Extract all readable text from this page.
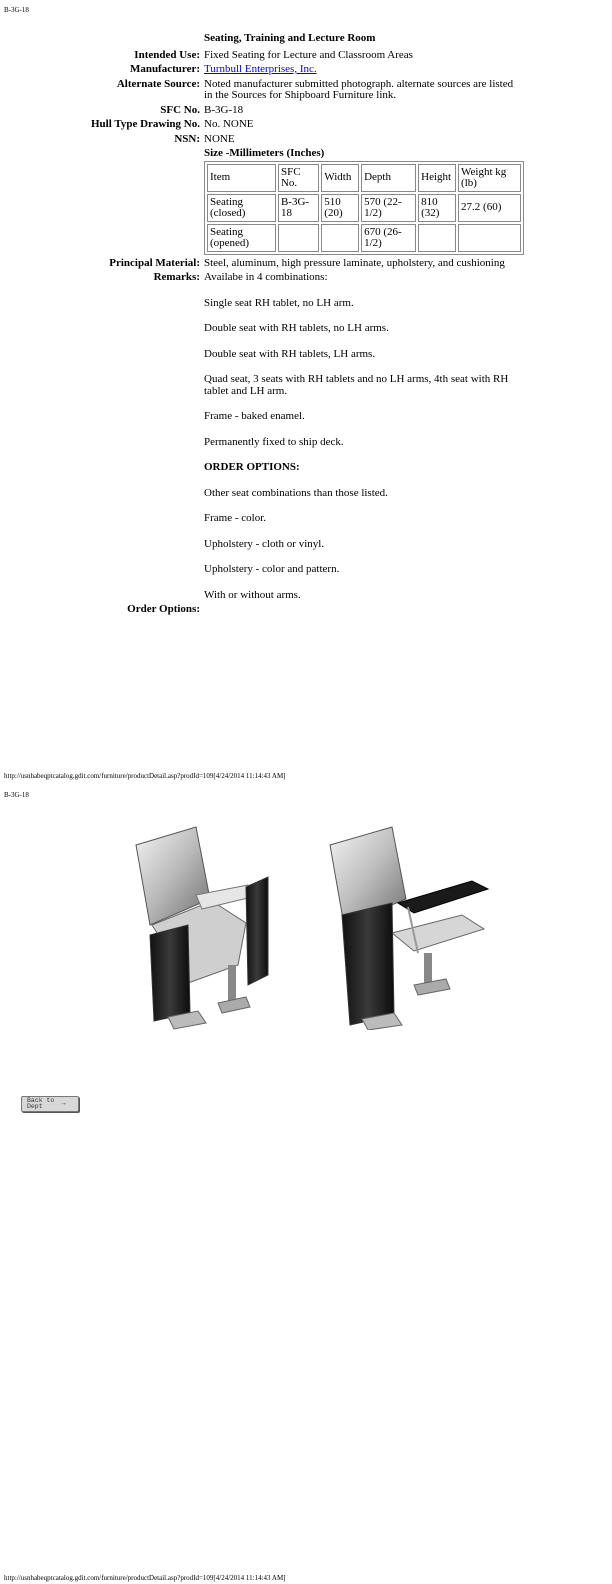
B-3G-18
Seating, Training and Lecture Room
Intended Use: Fixed Seating for Lecture and Classroom Areas
Manufacturer: Turnbull Enterprises, Inc.
Alternate Source: Noted manufacturer submitted photograph. alternate sources are listed in the Sources for Shipboard Furniture link.
SFC No. B-3G-18
Hull Type Drawing No. No. NONE
NSN: NONE
Size -Millimeters (Inches)
Item	SFC No.	Width	Depth	Height	Weight kg (lb)
Seating (closed)	B-3G-18	510 (20)	570 (22-1/2)	810 (32)	27.2 (60)
Seating (opened)			670 (26-1/2)		
Principal Material: Steel, aluminum, high pressure laminate, upholstery, and cushioning
Remarks: Availabe in 4 combinations:

Single seat RH tablet, no LH arm.

Double seat with RH tablets, no LH arms.

Double seat with RH tablets, LH arms.

Quad seat, 3 seats with RH tablets and no LH arms, 4th seat with RH tablet and LH arm.

Frame - baked enamel.

Permanently fixed to ship deck.

ORDER OPTIONS:

Other seat combinations than those listed.

Frame - color.

Upholstery - cloth or vinyl.

Upholstery - color and pattern.

With or without arms.

Order Options:
http://usnhabeqptcatalog.gdit.com/furniture/productDetail.asp?prodId=109[4/24/2014 11:14:43 AM]
B-3G-18
Back to
Dept	→
http://usnhabeqptcatalog.gdit.com/furniture/productDetail.asp?prodId=109[4/24/2014 11:14:43 AM]
